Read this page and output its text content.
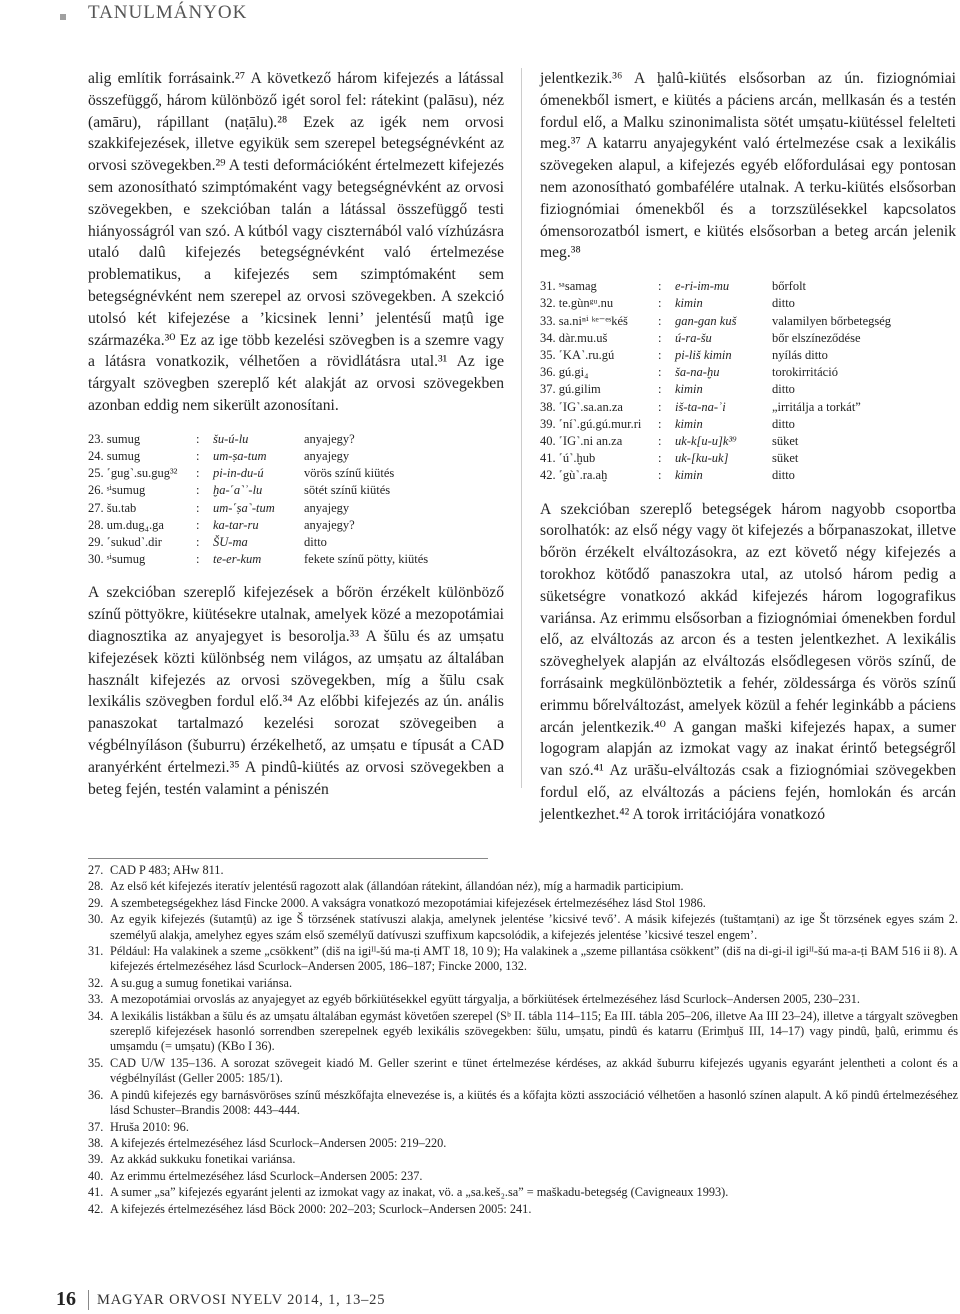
TANULMÁNYOK

alig említik forrásaink.²⁷ A következő három kifejezés a látással összefüggő, három különböző igét sorol fel: rátekint (palāsu), néz (amāru), rápillant (naṭālu).²⁸ Ezek az igék nem orvosi szakkifejezések, illetve egyikük sem szerepel betegségnévként az orvosi szövegekben.²⁹ A testi deformációként értelmezett kifejezés sem azonosítható szimptómaként vagy betegségnévként az orvosi szövegekben, e szekcióban talán a látással összefüggő testi hiányosságról van szó. A kútból vagy ciszternából való vízhúzásra utaló dalû kifejezés betegségnévként való értelmezése problematikus, a kifejezés sem szimptómaként sem betegségnévként nem szerepel az orvosi szövegekben. A szekció utolsó két kifejezése a ʼkicsinek lenniʼ jelentésű maṭû ige származéka.³⁰ Ez az ige több kezelési szövegben is a szemre vagy a látásra vonatkozik, vélhetően a rövidlátásra utal.³¹ Az ige tárgyalt szövegben szereplő két alakját az orvosi szövegekben azonban eddig nem sikerült azonosítani.

23. sumug	:	šu-ú-lu	anyajegy?
24. sumug	:	um-ṣa-tum	anyajegy
25. ˹gug˺.su.gug³²	:	pi-in-du-ú	vörös színű kiütés
26. ˢⁱsumug	:	ḫa-˹a˺ʾ-lu	sötét színű kiütés
27. šu.tab	:	um-˹ṣa˺-tum	anyajegy
28. um.dug₄.ga	:	ka-tar-ru	anyajegy?
29. ˹sukud˺.dir	:	ŠU-ma	ditto
30. ˢⁱsumug	:	te-er-kum	fekete színű pötty, kiütés

A szekcióban szereplő kifejezések a bőrön érzékelt különböző színű pöttyökre, kiütésekre utalnak, amelyek közé a mezopotámiai diagnosztika az anyajegyet is besorolja.³³ A šūlu és az umṣatu kifejezések közti különbség nem világos, az umṣatu az általában használt kifejezés az orvosi szövegekben, míg a šūlu csak lexikális szövegben fordul elő.³⁴ Az előbbi kifejezés az ún. anális panaszokat tartalmazó kezelési sorozat szövegeiben a végbélnyíláson (šuburru) érzékelhető, az umṣatu e típusát a CAD aranyérként értelmezi.³⁵ A pindû-kiütés az orvosi szövegekben a beteg fején, testén valamint a péniszén

jelentkezik.³⁶ A ḫalû-kiütés elsősorban az ún. fiziognómiai ómenekből ismert, e kiütés a páciens arcán, mellkasán és a testén fordul elő, a Malku szinonimalista sötét umṣatu-kiütéssel felelteti meg.³⁷ A katarru anyajegyként való értelmezése csak a lexikális szövegeken alapul, a kifejezés egyéb előfordulásai egy pontosan nem azonosítható gombafélére utalnak. A terku-kiütés elsősorban fiziognómiai ómenekből és a torzszülésekkel kapcsolatos ómensorozatból ismert, e kiütés elsősorban a beteg arcán jelenik meg.³⁸

31. ˢᵃsamag	:	e-ri-im-mu	bőrfolt
32. te.gùnᵍᵘ.nu	:	kimin	ditto
33. sa.niⁿⁱ ᵏᵉ⁻ᵉˢkéš	:	gan-gan kuš	valamilyen bőrbetegség
34. dàr.mu.uš	:	ú-ra-šu	bőr elszíneződése
35. ˹KA˺.ru.gú	:	pi-liš kimin	nyílás ditto
36. gú.gi₄	:	ša-na-ḫu	torokirritáció
37. gú.gilim	:	kimin	ditto
38. ˹IG˺.sa.an.za	:	iš-ta-na-ʾi	„irritálja a torkát”
39. ˹ní˺.gú.gú.mur.ri	:	kimin	ditto
40. ˹IG˺.ni an.za	:	uk-k[u-u]k³⁹	süket
41. ˹ú˺.ḫub	:	uk-[ku-uk]	süket
42. ˹gù˺.ra.aḫ	:	kimin	ditto

A szekcióban szereplő betegségek három nagyobb csoportba sorolhatók: az első négy vagy öt kifejezés a bőrpanaszokat, illetve bőrön érzékelt elváltozásokra, az ezt követő négy kifejezés a torokhoz kötődő panaszokra utal, az utolsó három pedig a süketségre vonatkozó akkád kifejezés három logografikus variánsa. Az erimmu elsősorban a fiziognómiai ómenekben fordul elő, az elváltozás az arcon és a testen jelentkezhet. A lexikális szöveghelyek alapján az elváltozás elsődlegesen vörös színű, de forrásaink megkülönböztetik a fehér, zöldessárga és vörös színű erimmu bőrelváltozást, amelyek közül a fehér leginkább a páciens arcán jelentkezik.⁴⁰ A gangan maški kifejezés hapax, a sumer logogram alapján az izmokat vagy az inakat érintő betegségről van szó.⁴¹ Az urāšu-elváltozás csak a fiziognómiai szövegekben fordul elő, az elváltozás a páciens fején, homlokán és arcán jelentkezhet.⁴² A torok irritációjára vonatkozó

27. CAD P 483; AHw 811.
28. Az első két kifejezés iteratív jelentésű ragozott alak (állandóan rátekint, állandóan néz), míg a harmadik participium.
29. A szembetegségekhez lásd Fincke 2000. A vakságra vonatkozó mezopotámiai kifejezések értelmezéséhez lásd Stol 1986.
30. Az egyik kifejezés (šutamṭû) az ige Š törzsének statívuszi alakja, amelynek jelentése ʼkicsivé tevőʼ. A másik kifejezés (tuštamṭani) az ige Št törzsének egyes szám 2. személyű alakja, amelyhez egyes szám első személyű datívuszi szuffixum kapcsolódik, a kifejezés jelentése ʼkicsivé teszel engemʼ.
31. Például: Ha valakinek a szeme „csökkent” (diš na igiᴵᴵ-šú ma-ṭi AMT 18, 10 9); Ha valakinek a „szeme pillantása csökkent” (diš na di-gi-il igiᴵᴵ-šú ma-a-ṭi BAM 516 ii 8). A kifejezés értelmezéséhez lásd Scurlock–Andersen 2005, 186–187; Fincke 2000, 132.
32. A su.gug a sumug fonetikai variánsa.
33. A mezopotámiai orvoslás az anyajegyet az egyéb bőrkiütésekkel együtt tárgyalja, a bőrkiütések értelmezéséhez lásd Scurlock–Andersen 2005, 230–231.
34. A lexikális listákban a šūlu és az umṣatu általában egymást követően szerepel (Sᵇ II. tábla 114–115; Ea III. tábla 205–206, illetve Aa III 23–24), illetve a tárgyalt szövegben szereplő kifejezések hasonló sorrendben szerepelnek egyéb lexikális szövegekben: šūlu, umṣatu, pindû és katarru (Erimḫuš III, 14–17) vagy pindû, ḫalû, erimmu és umṣamdu (= umṣatu) (KBo I 36).
35. CAD U/W 135–136. A sorozat szövegeit kiadó M. Geller szerint e tünet értelmezése kérdéses, az akkád šuburru kifejezés ugyanis egyaránt jelentheti a colont és a végbélnyílást (Geller 2005: 185/1).
36. A pindû kifejezés egy barnásvöröses színű mészkőfajta elnevezése is, a kiütés és a kőfajta közti asszociáció vélhetően a hasonló színen alapult. A kő pindû értelmezéséhez lásd Schuster–Brandis 2008: 443–444.
37. Hruša 2010: 96.
38. A kifejezés értelmezéséhez lásd Scurlock–Andersen 2005: 219–220.
39. Az akkád sukkuku fonetikai variánsa.
40. Az erimmu értelmezéséhez lásd Scurlock–Andersen 2005: 237.
41. A sumer „sa” kifejezés egyaránt jelenti az izmokat vagy az inakat, vö. a „sa.keš₂.sa” = maškadu-betegség (Cavigneaux 1993).
42. A kifejezés értelmezéséhez lásd Böck 2000: 202–203; Scurlock–Andersen 2005: 241.
16 MAGYAR ORVOSI NYELV 2014, 1, 13–25
